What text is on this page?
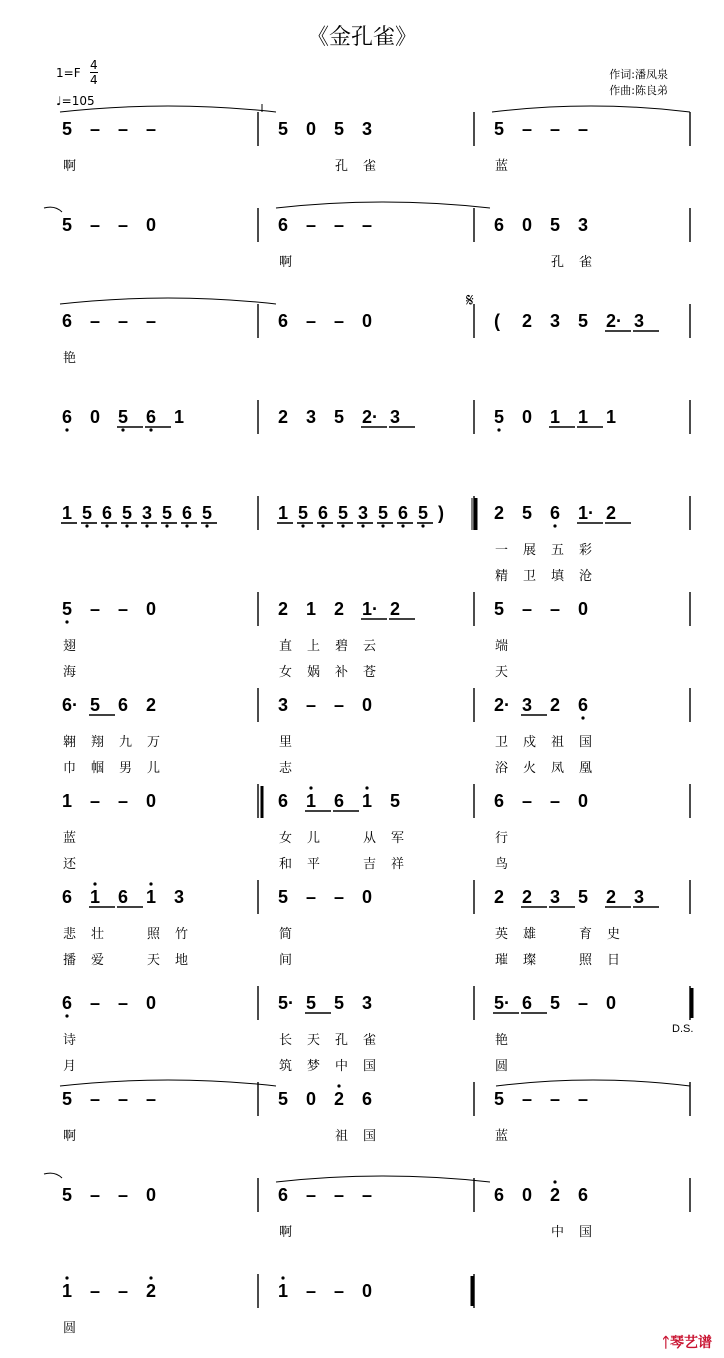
《金孔雀》
$1=F \frac{4}{4}$
♩=105
作词:潘凤泉
作曲:陈良弟
5
啊
– – –	5 0 5
孔
3
雀
5
蓝
– – –
5 – – 0	6
啊
– – –	6 0 5
孔
3
雀
6
艳
– – –	6 – – 0	( 2 3 5 2· 3
6 0 5 6 1	2 3 5 2· 3	5 0 1 1 1
1 5 6 5 3 5 6 5	1 5 6 5 3 5 6 5 )	2
一
精
5
展
卫
6
五
填
1·
彩
沧
2
5
翅
海
– – 0	2
直
女
1
上
娲
2
碧
补
1·
云
苍
2	5
端
天
– – 0
6·
翱
巾
5
翔
帼
6
九
男
2
万
儿
3
里
志
– – 0	2·
卫
浴
3
戍
火
2
祖
凤
6
国
凰
1
蓝
还
– – 0	6
女
和
1
儿
平
6 1
从
吉
5
军
祥
6
行
鸟
– – 0
6
悲
播
1
壮
爱
6 1
照
天
3
竹
地
5
简
间
– – 0	2
英
璀
2
雄
璨
3 5
育
照
2
史
日
3
6
诗
月
– – 0	5·
长
筑
5
天
梦
5
孔
中
3
雀
国
5·
艳
圆
6 5 – 0
5
啊
– – –	5 0 2
祖
6
国
5
蓝
– – –
5 – – 0	6
啊
– – –	6 0 2
中
6
国
1
圆
– – 2	1 – – 0
𝄋
D.S.
ᛏ琴艺谱
